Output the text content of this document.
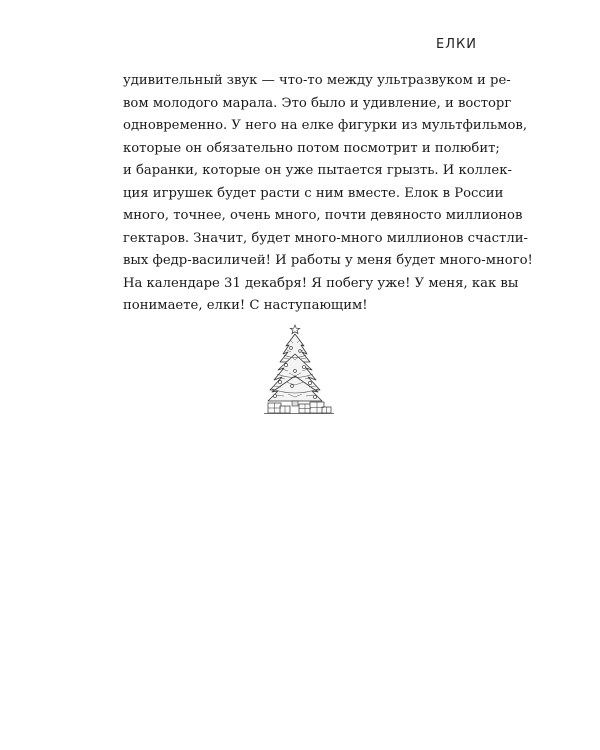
ЕЛКИ
удивительный звук — что-то между ультразвуком и ре-
вом молодого марала. Это было и удивление, и восторг
одновременно. У него на елке фигурки из мультфильмов,
которые он обязательно потом посмотрит и полюбит;
и баранки, которые он уже пытается грызть. И коллек-
ция игрушек будет расти с ним вместе. Елок в России
много, точнее, очень много, почти девяносто миллионов
гектаров. Значит, будет много-много миллионов счастли-
вых федр-василичей! И работы у меня будет много-много!
На календаре 31 декабря! Я побегу уже! У меня, как вы
понимаете, елки! С наступающим!
